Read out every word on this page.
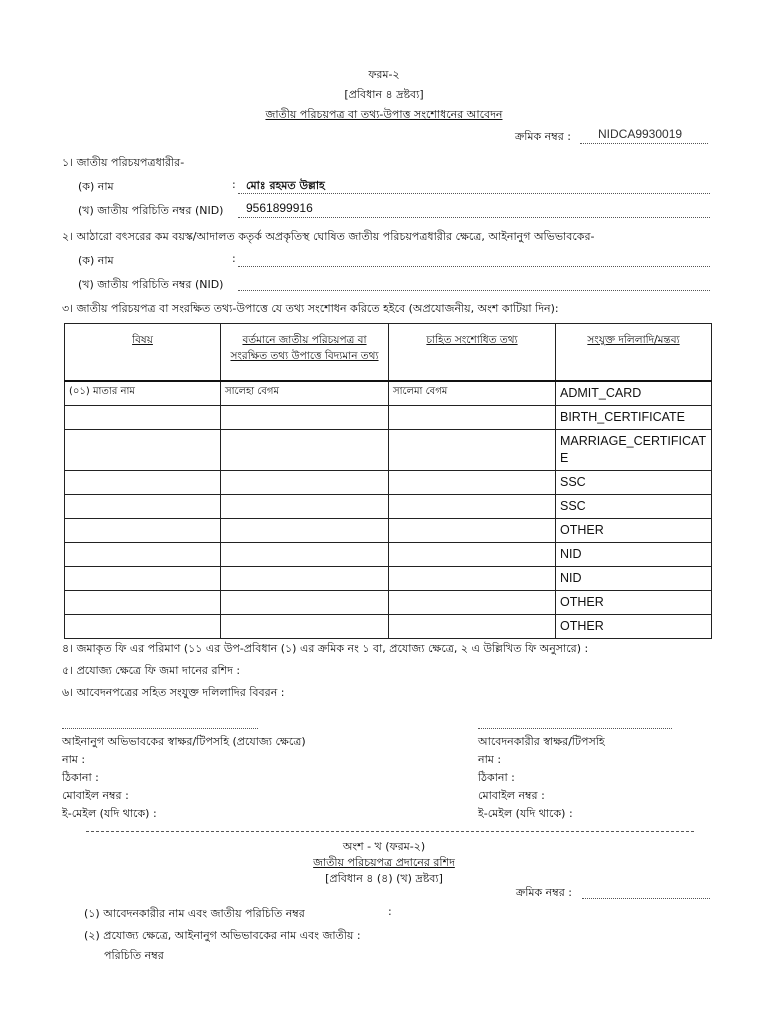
ফরম-২
[প্রবিধান ৪ দ্রষ্টব্য]
জাতীয় পরিচয়পত্র বা তথ্য-উপাত্ত সংশোধনের আবেদন
ক্রমিক নম্বর : NIDCA9930019
১। জাতীয় পরিচয়পত্রধারীর-
(ক) নাম	: মোঃ রহমত উল্লাহ
(খ) জাতীয় পরিচিতি নম্বর (NID) 9561899916
২। আঠারো বৎসরের কম বয়স্ক/আদালত কতৃর্ক অপ্রকৃতিস্থ ঘোষিত জাতীয় পরিচয়পত্রধারীর ক্ষেত্রে, আইনানুগ অভিভাবকের-
(ক) নাম	:
(খ) জাতীয় পরিচিতি নম্বর (NID)
৩। জাতীয় পরিচয়পত্র বা সংরক্ষিত তথ্য-উপাত্তে যে তথ্য সংশোধন করিতে হইবে (অপ্রযোজনীয়, অংশ কাটিয়া দিন):
বিষয়	বর্তমানে জাতীয় পরিচয়পত্র বা সংরক্ষিত তথ্য উপাত্তে বিদ্যমান তথ্য	চাহিত সংশোধিত তথ্য	সংযুক্ত দলিলাদি/মন্তব্য
(০১) মাতার নাম	সালেহা বেগম	সালেমা বেগম	ADMIT_CARD
			BIRTH_CERTIFICATE
			MARRIAGE_CERTIFICATE
			SSC
			SSC
			OTHER
			NID
			NID
			OTHER
			OTHER
৪। জমাকৃত ফি এর পরিমাণ (১১ এর উপ-প্রবিধান (১) এর ক্রমিক নং ১ বা, প্রযোজ্য ক্ষেত্রে, ২ এ উল্লিখিত ফি অনুসারে) :
৫। প্রযোজ্য ক্ষেত্রে ফি জমা দানের রশিদ :
৬। আবেদনপত্রের সহিত সংযুক্ত দলিলাদির বিবরন :
আইনানুগ অভিভাবকের স্বাক্ষর/টিপসহি (প্রযোজ্য ক্ষেত্রে)
নাম :
ঠিকানা :
মোবাইল নম্বর :
ই-মেইল (যদি থাকে) :
আবেদনকারীর স্বাক্ষর/টিপসহি
নাম :
ঠিকানা :
মোবাইল নম্বর :
ই-মেইল (যদি থাকে) :
অংশ - খ (ফরম-২)
জাতীয় পরিচয়পত্র প্রদানের রশিদ
[প্রবিধান ৪ (৪) (খ) দ্রষ্টব্য]
ক্রমিক নম্বর :
(১) আবেদনকারীর নাম এবং জাতীয় পরিচিতি নম্বর	:
(২) প্রযোজ্য ক্ষেত্রে, আইনানুগ অভিভাবকের নাম এবং জাতীয় :
পরিচিতি নম্বর
